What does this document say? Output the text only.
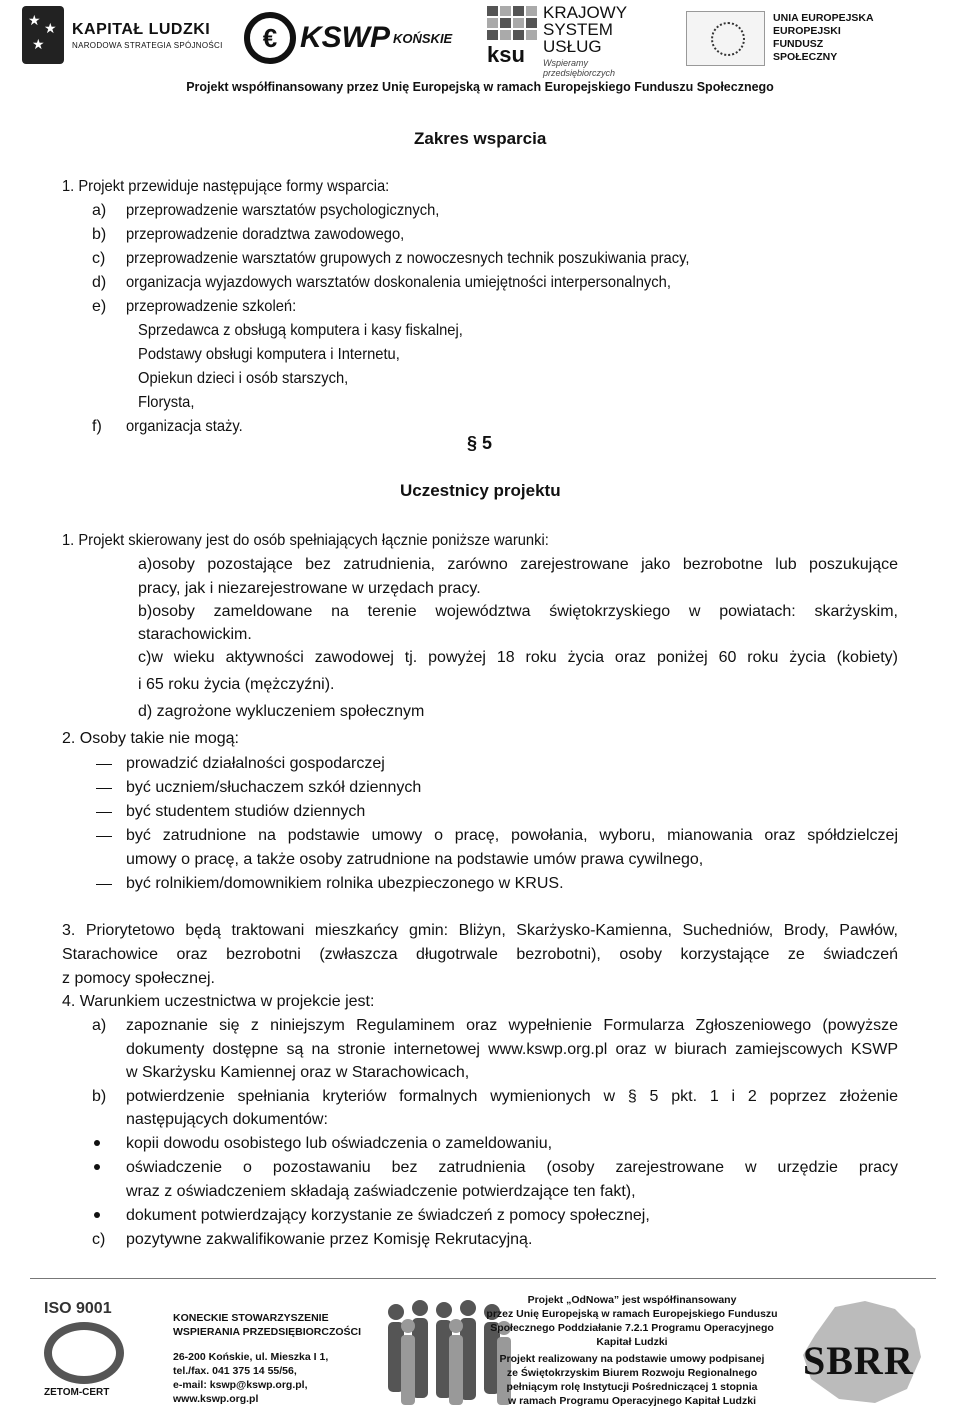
★ ★
★
KAPITAŁ LUDZKI
NARODOWA STRATEGIA SPÓJNOŚCI	€ KSWP KOŃSKIE
ksu
KRAJOWY
SYSTEM
USŁUG
Wspieramy przedsiębiorczych
UNIA EUROPEJSKA
EUROPEJSKI
FUNDUSZ SPOŁECZNY
Projekt współfinansowany przez Unię Europejską w ramach Europejskiego Funduszu Społecznego
Zakres wsparcia
1. Projekt przewiduje następujące formy wsparcia:
a) przeprowadzenie warsztatów psychologicznych,
b) przeprowadzenie doradztwa zawodowego,
c) przeprowadzenie warsztatów grupowych z nowoczesnych technik poszukiwania pracy,
d) organizacja wyjazdowych warsztatów doskonalenia umiejętności interpersonalnych,
e) przeprowadzenie szkoleń:
Sprzedawca z obsługą komputera i kasy fiskalnej,
Podstawy obsługi komputera i Internetu,
Opiekun dzieci i osób starszych,
Florysta,
f) organizacja staży.
§ 5
Uczestnicy projektu
1. Projekt skierowany jest do osób spełniających łącznie poniższe warunki:
a)osoby pozostające bez zatrudnienia, zarówno zarejestrowane jako bezrobotne lub poszukujące
pracy, jak i niezarejestrowane w urzędach pracy.
b)osoby zameldowane na terenie województwa świętokrzyskiego w powiatach: skarżyskim,
starachowickim.
c)w wieku aktywności zawodowej tj. powyżej 18 roku życia oraz poniżej 60 roku życia (kobiety)
i 65 roku życia (mężczyźni).
d) zagrożone wykluczeniem społecznym
2. Osoby takie nie mogą:
prowadzić działalności gospodarczej
być uczniem/słuchaczem szkół dziennych
być studentem studiów dziennych
być zatrudnione na podstawie umowy o pracę, powołania, wyboru, mianowania oraz spółdzielczej
umowy o pracę, a także osoby zatrudnione na podstawie umów prawa cywilnego,
być rolnikiem/domownikiem rolnika ubezpieczonego w KRUS.
3. Priorytetowo będą traktowani mieszkańcy gmin: Bliżyn, Skarżysko-Kamienna, Suchedniów, Brody, Pawłów,
Starachowice oraz bezrobotni (zwłaszcza długotrwale bezrobotni), osoby korzystające ze świadczeń
z pomocy społecznej.
4. Warunkiem uczestnictwa w projekcie jest:
a) zapoznanie się z niniejszym Regulaminem oraz wypełnienie Formularza Zgłoszeniowego (powyższe
dokumenty dostępne są na stronie internetowej www.kswp.org.pl oraz w biurach zamiejscowych KSWP
w Skarżysku Kamiennej oraz w Starachowicach,
b) potwierdzenie spełniania kryteriów formalnych wymienionych w § 5 pkt. 1 i 2 poprzez złożenie
następujących dokumentów:
kopii dowodu osobistego lub oświadczenia o zameldowaniu,
oświadczenie o pozostawaniu bez zatrudnienia (osoby zarejestrowane w urzędzie pracy
wraz z oświadczeniem składają zaświadczenie potwierdzające ten fakt),
dokument potwierdzający korzystanie ze świadczeń z pomocy społecznej,
c) pozytywne zakwalifikowanie przez Komisję Rekrutacyjną.
ISO 9001
ZETOM-CERT
KONECKIE STOWARZYSZENIE
WSPIERANIA PRZEDSIĘBIORCZOŚCI
26-200 Końskie, ul. Mieszka I 1,
tel./fax. 041 375 14 55/56,
e-mail: kswp@kswp.org.pl,
www.kswp.org.pl
Projekt „OdNowa” jest współfinansowany
przez Unię Europejską w ramach Europejskiego Funduszu
Społecznego Poddziałanie 7.2.1 Programu Operacyjnego
Kapitał Ludzki
Projekt realizowany na podstawie umowy podpisanej
ze Świętokrzyskim Biurem Rozwoju Regionalnego
pełniącym rolę Instytucji Pośredniczącej 1 stopnia
w ramach Programu Operacyjnego Kapitał Ludzki
SBRR
